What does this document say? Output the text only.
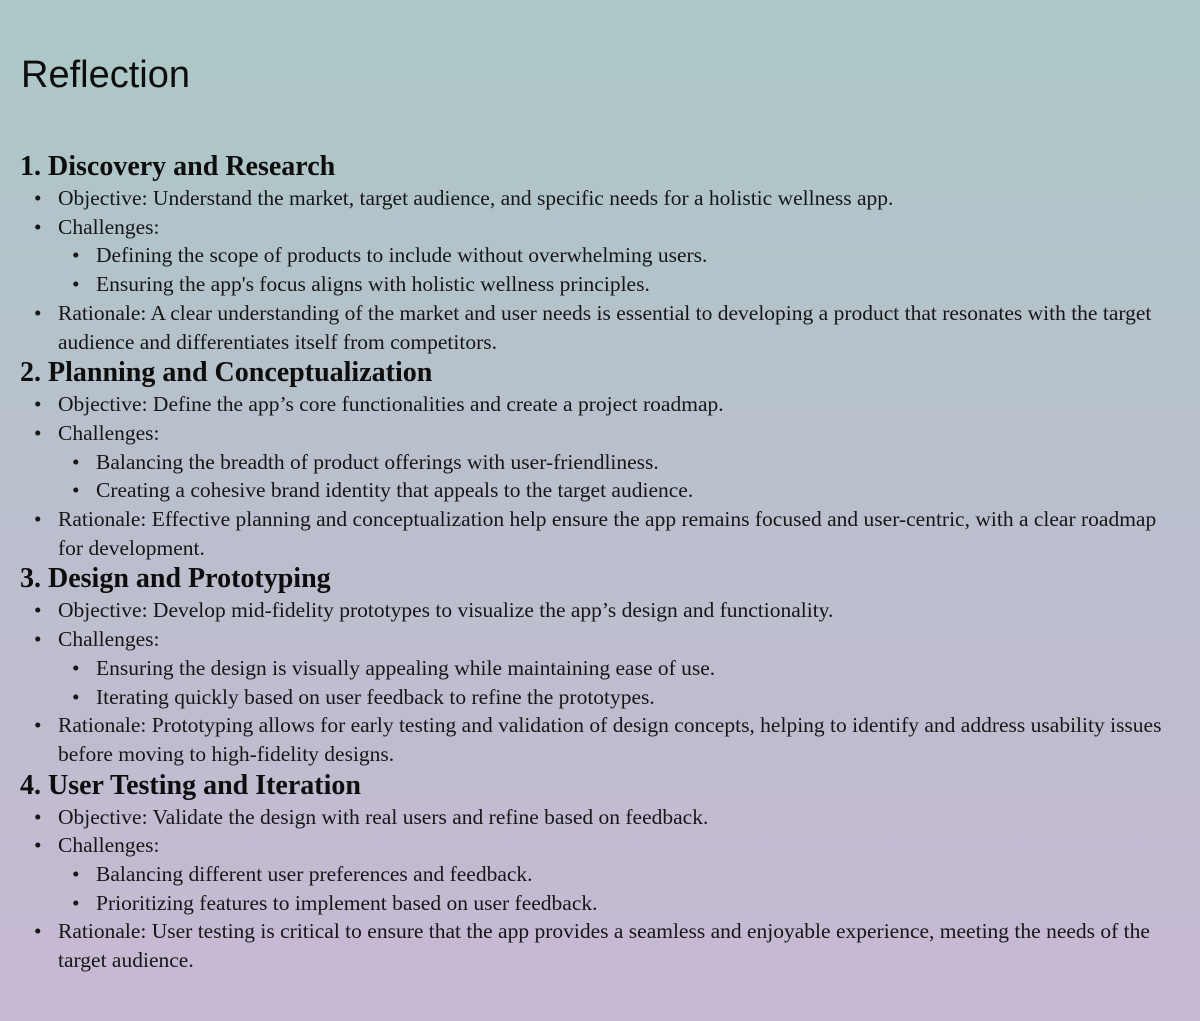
Reflection
1. Discovery and Research
• Objective: Understand the market, target audience, and specific needs for a holistic wellness app.
• Challenges:
• Defining the scope of products to include without overwhelming users.
• Ensuring the app's focus aligns with holistic wellness principles.
• Rationale: A clear understanding of the market and user needs is essential to developing a product that resonates with the target audience and differentiates itself from competitors.
2. Planning and Conceptualization
• Objective: Define the app’s core functionalities and create a project roadmap.
• Challenges:
• Balancing the breadth of product offerings with user-friendliness.
• Creating a cohesive brand identity that appeals to the target audience.
• Rationale: Effective planning and conceptualization help ensure the app remains focused and user-centric, with a clear roadmap for development.
3. Design and Prototyping
• Objective: Develop mid-fidelity prototypes to visualize the app’s design and functionality.
• Challenges:
• Ensuring the design is visually appealing while maintaining ease of use.
• Iterating quickly based on user feedback to refine the prototypes.
• Rationale: Prototyping allows for early testing and validation of design concepts, helping to identify and address usability issues before moving to high-fidelity designs.
4. User Testing and Iteration
• Objective: Validate the design with real users and refine based on feedback.
• Challenges:
• Balancing different user preferences and feedback.
• Prioritizing features to implement based on user feedback.
• Rationale: User testing is critical to ensure that the app provides a seamless and enjoyable experience, meeting the needs of the target audience.
